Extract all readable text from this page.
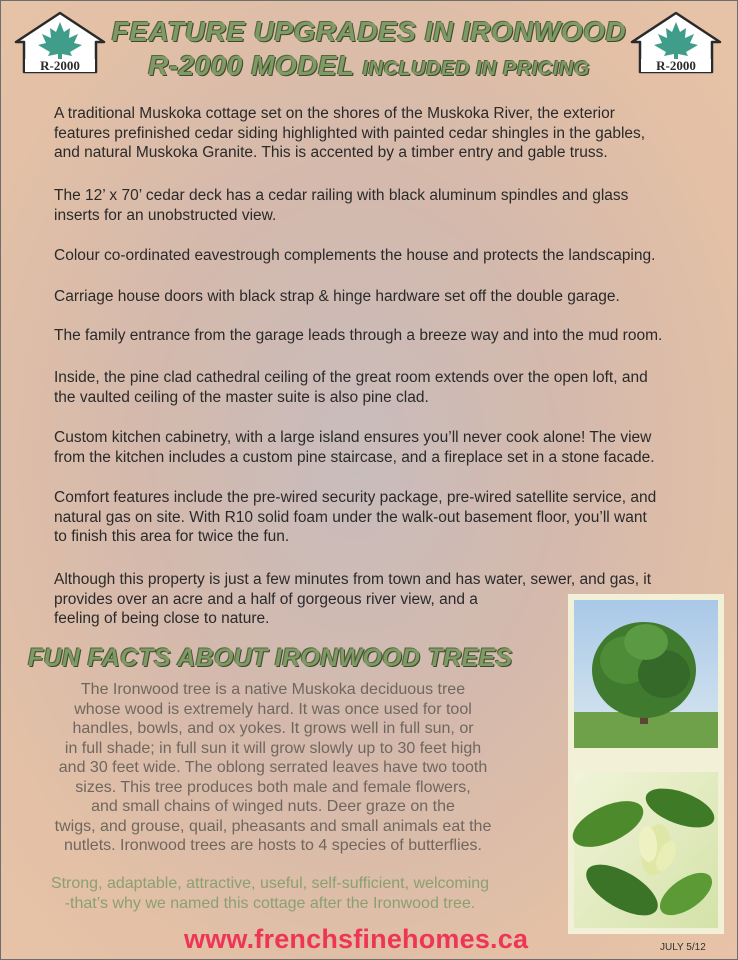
R-2000	R-2000
FEATURE UPGRADES IN IRONWOOD
R-2000 MODEL INCLUDED IN PRICING

A traditional Muskoka cottage set on the shores of the Muskoka River, the exterior
features prefinished cedar siding highlighted with painted cedar shingles in the gables,
and natural Muskoka Granite. This is accented by a timber entry and gable truss.

The 12’ x 70’ cedar deck has a cedar railing with black aluminum spindles and glass
inserts for an unobstructed view.

Colour co-ordinated eavestrough complements the house and protects the landscaping.

Carriage house doors with black strap & hinge hardware set off the double garage.

The family entrance from the garage leads through a breeze way and into the mud room.

Inside, the pine clad cathedral ceiling of the great room extends over the open loft, and
the vaulted ceiling of the master suite is also pine clad.

Custom kitchen cabinetry, with a large island ensures you’ll never cook alone! The view
from the kitchen includes a custom pine staircase, and a fireplace set in a stone facade.

Comfort features include the pre-wired security package, pre-wired satellite service, and
natural gas on site. With R10 solid foam under the walk-out basement floor, you’ll want
to finish this area for twice the fun.

Although this property is just a few minutes from town and has water, sewer, and gas, it
provides over an acre and a half of gorgeous river view, and a
feeling of being close to nature.

FUN FACTS ABOUT IRONWOOD TREES

The Ironwood tree is a native Muskoka deciduous tree
whose wood is extremely hard. It was once used for tool
handles, bowls, and ox yokes. It grows well in full sun, or
in full shade; in full sun it will grow slowly up to 30 feet high
and 30 feet wide. The oblong serrated leaves have two tooth
sizes. This tree produces both male and female flowers,
and small chains of winged nuts. Deer graze on the
twigs, and grouse, quail, pheasants and small animals eat the
nutlets. Ironwood trees are hosts to 4 species of butterflies.

Strong, adaptable, attractive, useful, self-sufficient, welcoming
-that’s why we named this cottage after the Ironwood tree.

www.frenchsfinehomes.ca	JULY 5/12
